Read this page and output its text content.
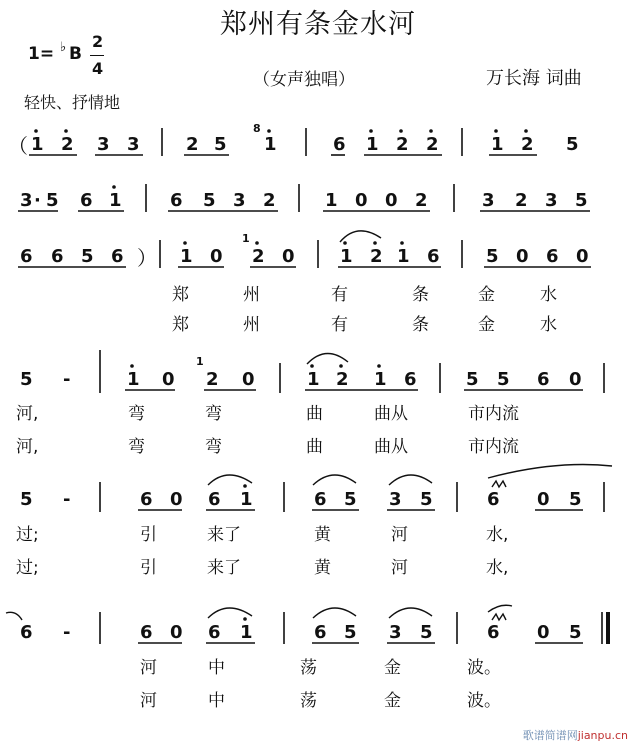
郑州有条金水河
1= ♭ B
2
4
轻快、抒情地
（女声独唱）	万长海 词曲
（ 1 2 3 3	2 5
8
1	6 1 2 2	1 2 5
3 · 5 6 1	6 5 3 2	1 0 0 2	3 2 3 5
6 6 5 6 ） 1 0
1
2 0	1 2 1 6	5 0 6 0
郑	州	有	条	金	水
郑	州	有	条	金	水
5 -	1 0
1
2 0	1 2 1 6	5 5 6 0
河,	弯	弯	曲	曲从	市内流
河,	弯	弯	曲	曲从	市内流
5 -	6 0 6 1	6 5 3 5	6 0 5
过;	引	来了	黄	河	水,
过;	引	来了	黄	河	水,
6 -	6 0 6 1	6 5 3 5	6 0 5
河	中	荡	金	波。
河	中	荡	金	波。
歌谱简谱网jianpu.cn
